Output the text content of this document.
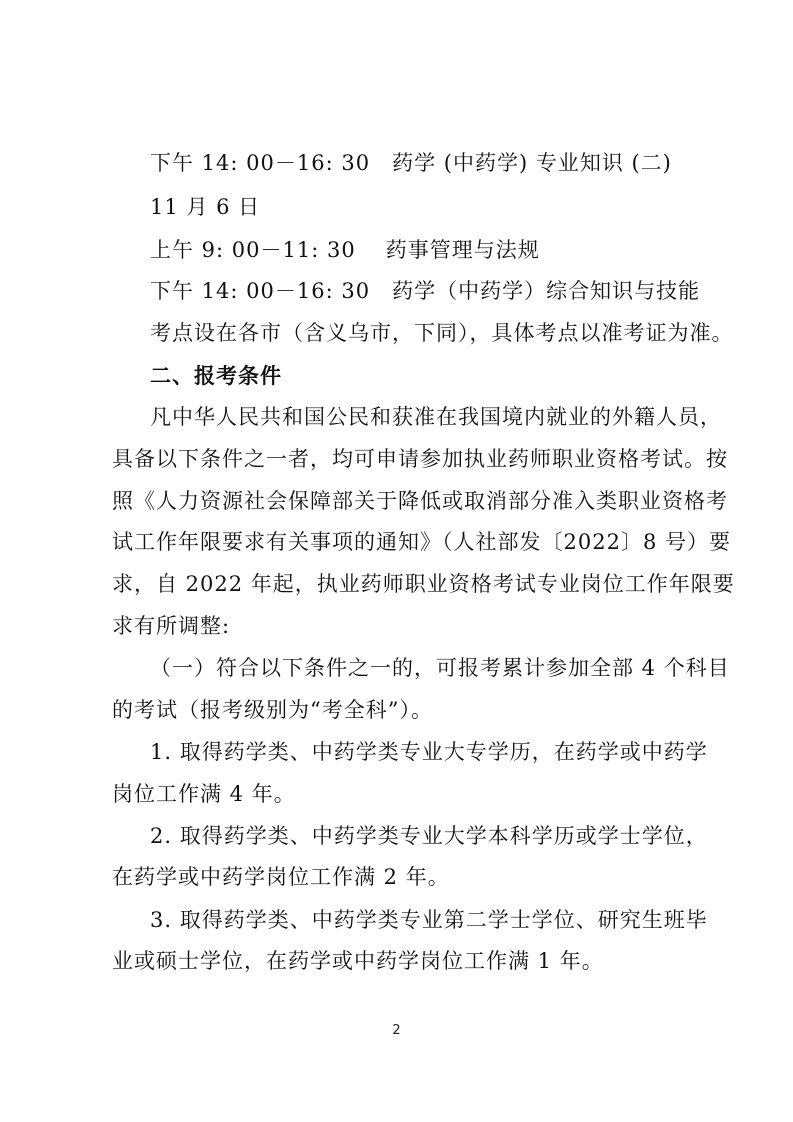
下午 14: 00－16: 30 药学 (中药学) 专业知识 (二)
11 月 6 日
上午 9: 00－11: 30 药事管理与法规
下午 14: 00－16: 30 药学（中药学）综合知识与技能
考点设在各市（含义乌市，下同），具体考点以准考证为准。
二、报考条件
凡中华人民共和国公民和获准在我国境内就业的外籍人员，
具备以下条件之一者，均可申请参加执业药师职业资格考试。按
照《人力资源社会保障部关于降低或取消部分准入类职业资格考
试工作年限要求有关事项的通知》（人社部发〔2022〕8 号）要
求，自 2022 年起，执业药师职业资格考试专业岗位工作年限要
求有所调整:
（一）符合以下条件之一的，可报考累计参加全部 4 个科目
的考试（报考级别为“考全科”）。
1. 取得药学类、中药学类专业大专学历，在药学或中药学
岗位工作满 4 年。
2. 取得药学类、中药学类专业大学本科学历或学士学位，
在药学或中药学岗位工作满 2 年。
3. 取得药学类、中药学类专业第二学士学位、研究生班毕
业或硕士学位，在药学或中药学岗位工作满 1 年。
2
